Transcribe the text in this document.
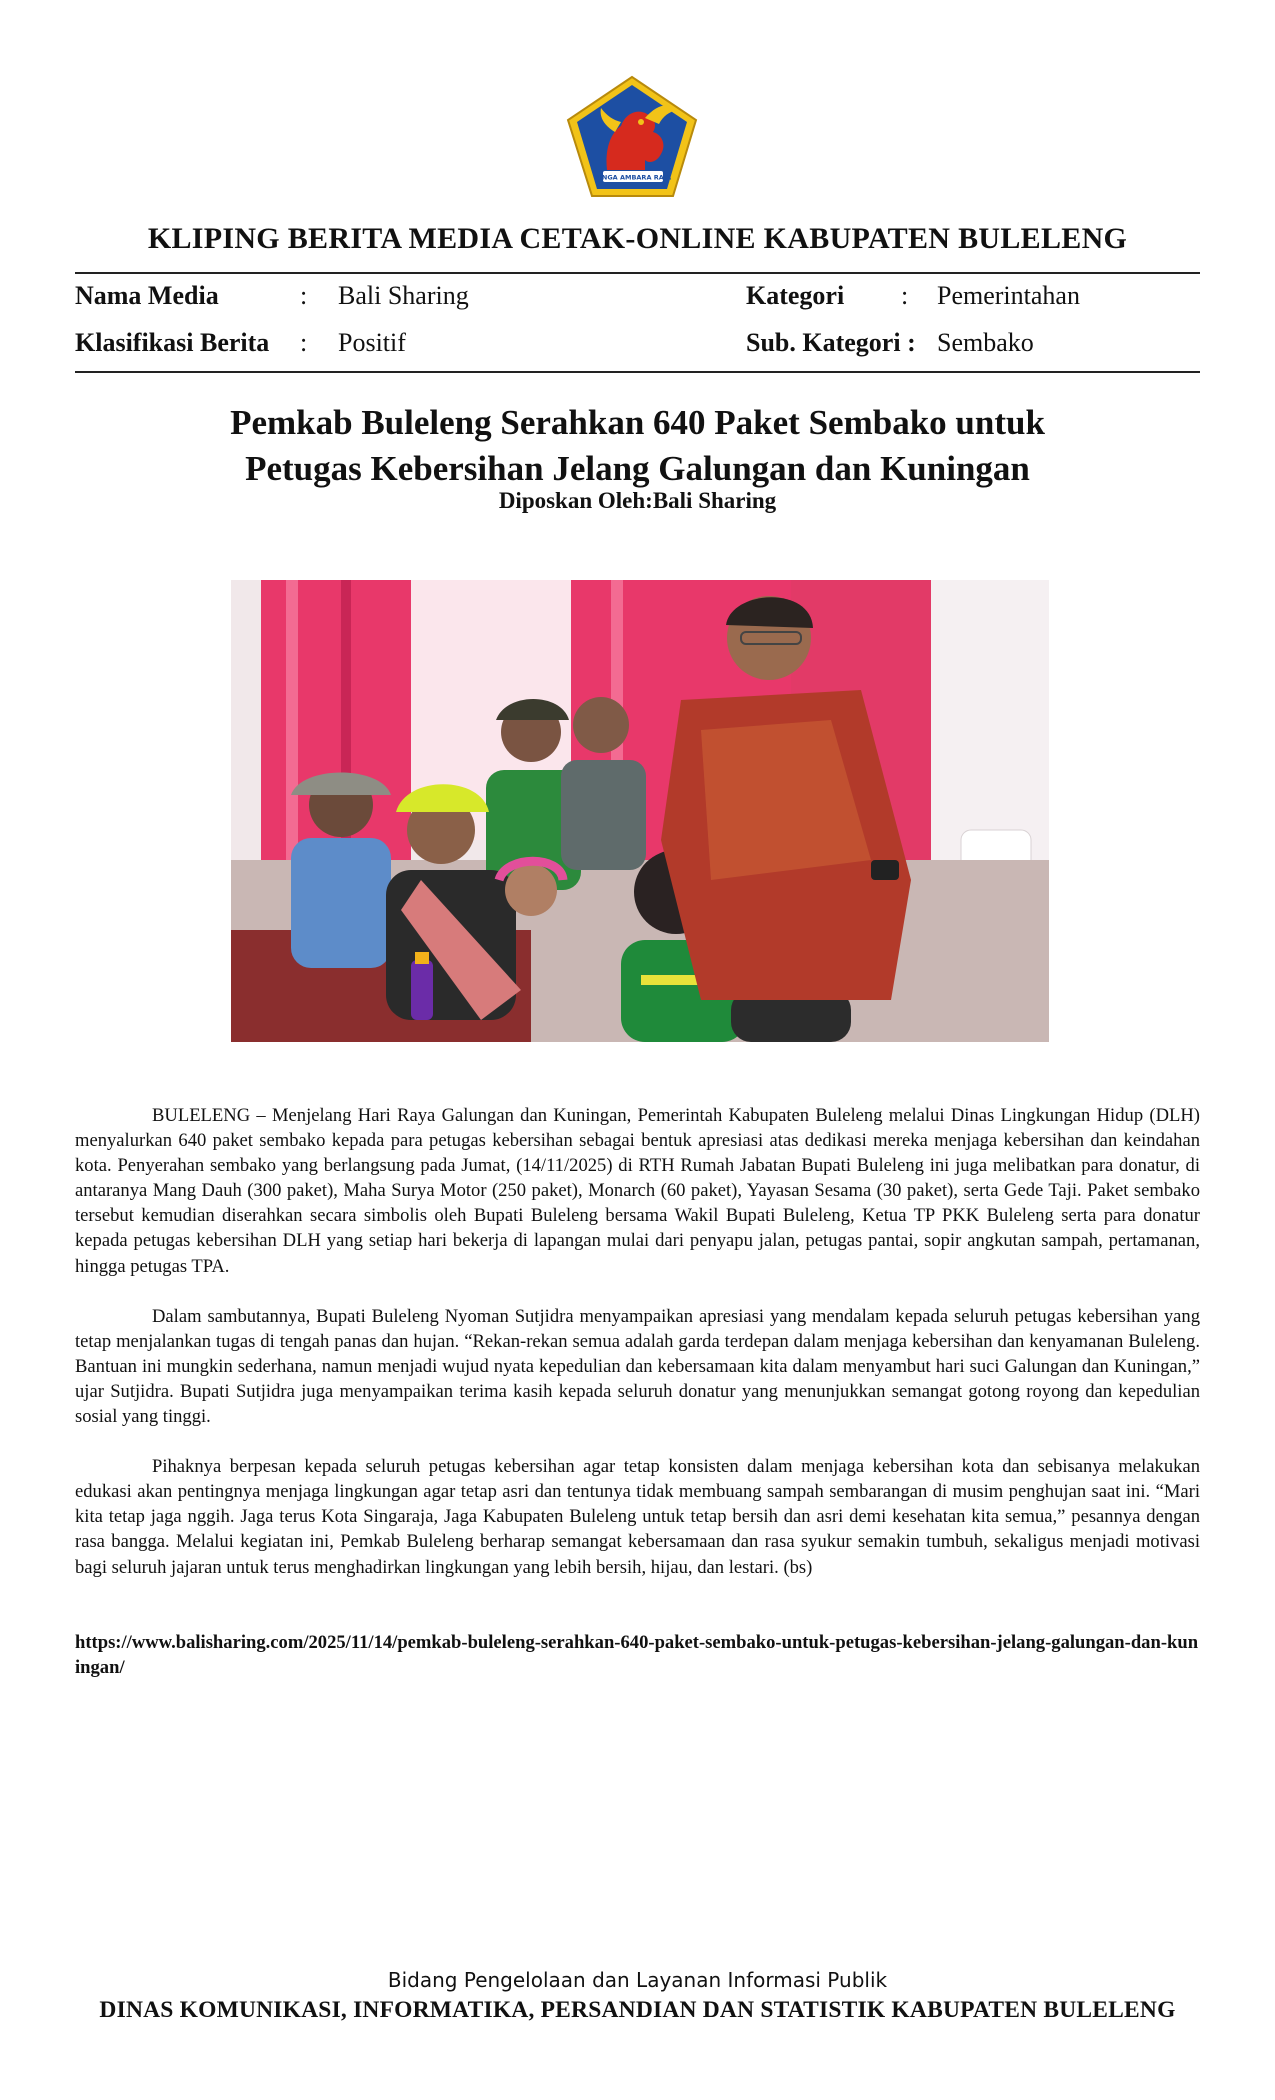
SINGA AMBARA RAJA
KLIPING BERITA MEDIA CETAK-ONLINE KABUPATEN BULELENG
Nama Media	: Bali Sharing	Kategori : Pemerintahan
Klasifikasi Berita : Positif	Sub. Kategori : Sembako
Pemkab Buleleng Serahkan 640 Paket Sembako untuk
Petugas Kebersihan Jelang Galungan dan Kuningan
Diposkan Oleh:Bali Sharing

BULELENG – Menjelang Hari Raya Galungan dan Kuningan, Pemerintah Kabupaten Buleleng melalui Dinas Lingkungan Hidup (DLH) menyalurkan 640 paket sembako kepada para petugas kebersihan sebagai bentuk apresiasi atas dedikasi mereka menjaga kebersihan dan keindahan kota. Penyerahan sembako yang berlangsung pada Jumat, (14/11/2025) di RTH Rumah Jabatan Bupati Buleleng ini juga melibatkan para donatur, di antaranya Mang Dauh (300 paket), Maha Surya Motor (250 paket), Monarch (60 paket), Yayasan Sesama (30 paket), serta Gede Taji. Paket sembako tersebut kemudian diserahkan secara simbolis oleh Bupati Buleleng bersama Wakil Bupati Buleleng, Ketua TP PKK Buleleng serta para donatur kepada petugas kebersihan DLH yang setiap hari bekerja di lapangan mulai dari penyapu jalan, petugas pantai, sopir angkutan sampah, pertamanan, hingga petugas TPA.

Dalam sambutannya, Bupati Buleleng Nyoman Sutjidra menyampaikan apresiasi yang mendalam kepada seluruh petugas kebersihan yang tetap menjalankan tugas di tengah panas dan hujan. “Rekan-rekan semua adalah garda terdepan dalam menjaga kebersihan dan kenyamanan Buleleng. Bantuan ini mungkin sederhana, namun menjadi wujud nyata kepedulian dan kebersamaan kita dalam menyambut hari suci Galungan dan Kuningan,” ujar Sutjidra. Bupati Sutjidra juga menyampaikan terima kasih kepada seluruh donatur yang menunjukkan semangat gotong royong dan kepedulian sosial yang tinggi.

Pihaknya berpesan kepada seluruh petugas kebersihan agar tetap konsisten dalam menjaga kebersihan kota dan sebisanya melakukan edukasi akan pentingnya menjaga lingkungan agar tetap asri dan tentunya tidak membuang sampah sembarangan di musim penghujan saat ini. “Mari kita tetap jaga nggih. Jaga terus Kota Singaraja, Jaga Kabupaten Buleleng untuk tetap bersih dan asri demi kesehatan kita semua,” pesannya dengan rasa bangga. Melalui kegiatan ini, Pemkab Buleleng berharap semangat kebersamaan dan rasa syukur semakin tumbuh, sekaligus menjadi motivasi bagi seluruh jajaran untuk terus menghadirkan lingkungan yang lebih bersih, hijau, dan lestari. (bs)

https://www.balisharing.com/2025/11/14/pemkab-buleleng-serahkan-640-paket-sembako-untuk-petugas-kebersihan-jelang-galungan-dan-kuningan/
Bidang Pengelolaan dan Layanan Informasi Publik
DINAS KOMUNIKASI, INFORMATIKA, PERSANDIAN DAN STATISTIK KABUPATEN BULELENG
